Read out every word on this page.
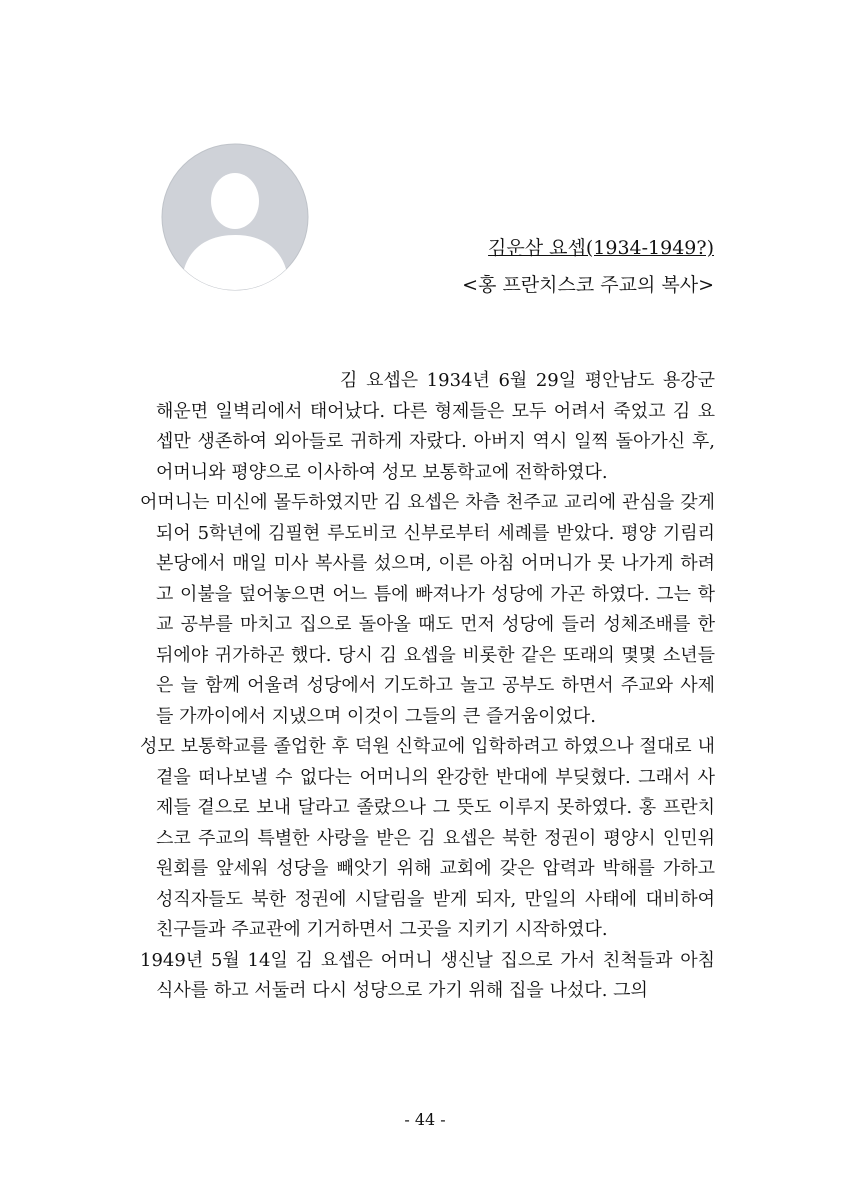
김운삼 요셉(1934-1949?)
<홍 프란치스코 주교의 복사>

김 요셉은 1934년 6월 29일 평안남도 용강군 해운면 일벽리에서 태어났다. 다른 형제들은 모두 어려서 죽었고 김 요셉만 생존하여 외아들로 귀하게 자랐다. 아버지 역시 일찍 돌아가신 후, 어머니와 평양으로 이사하여 성모 보통학교에 전학하였다.

어머니는 미신에 몰두하였지만 김 요셉은 차츰 천주교 교리에 관심을 갖게 되어 5학년에 김필현 루도비코 신부로부터 세례를 받았다. 평양 기림리 본당에서 매일 미사 복사를 섰으며, 이른 아침 어머니가 못 나가게 하려고 이불을 덮어놓으면 어느 틈에 빠져나가 성당에 가곤 하였다. 그는 학교 공부를 마치고 집으로 돌아올 때도 먼저 성당에 들러 성체조배를 한 뒤에야 귀가하곤 했다. 당시 김 요셉을 비롯한 같은 또래의 몇몇 소년들은 늘 함께 어울려 성당에서 기도하고 놀고 공부도 하면서 주교와 사제들 가까이에서 지냈으며 이것이 그들의 큰 즐거움이었다.

성모 보통학교를 졸업한 후 덕원 신학교에 입학하려고 하였으나 절대로 내 곁을 떠나보낼 수 없다는 어머니의 완강한 반대에 부딪혔다. 그래서 사제들 곁으로 보내 달라고 졸랐으나 그 뜻도 이루지 못하였다. 홍 프란치스코 주교의 특별한 사랑을 받은 김 요셉은 북한 정권이 평양시 인민위원회를 앞세워 성당을 빼앗기 위해 교회에 갖은 압력과 박해를 가하고 성직자들도 북한 정권에 시달림을 받게 되자, 만일의 사태에 대비하여 친구들과 주교관에 기거하면서 그곳을 지키기 시작하였다.

1949년 5월 14일 김 요셉은 어머니 생신날 집으로 가서 친척들과 아침 식사를 하고 서둘러 다시 성당으로 가기 위해 집을 나섰다. 그의

- 44 -
